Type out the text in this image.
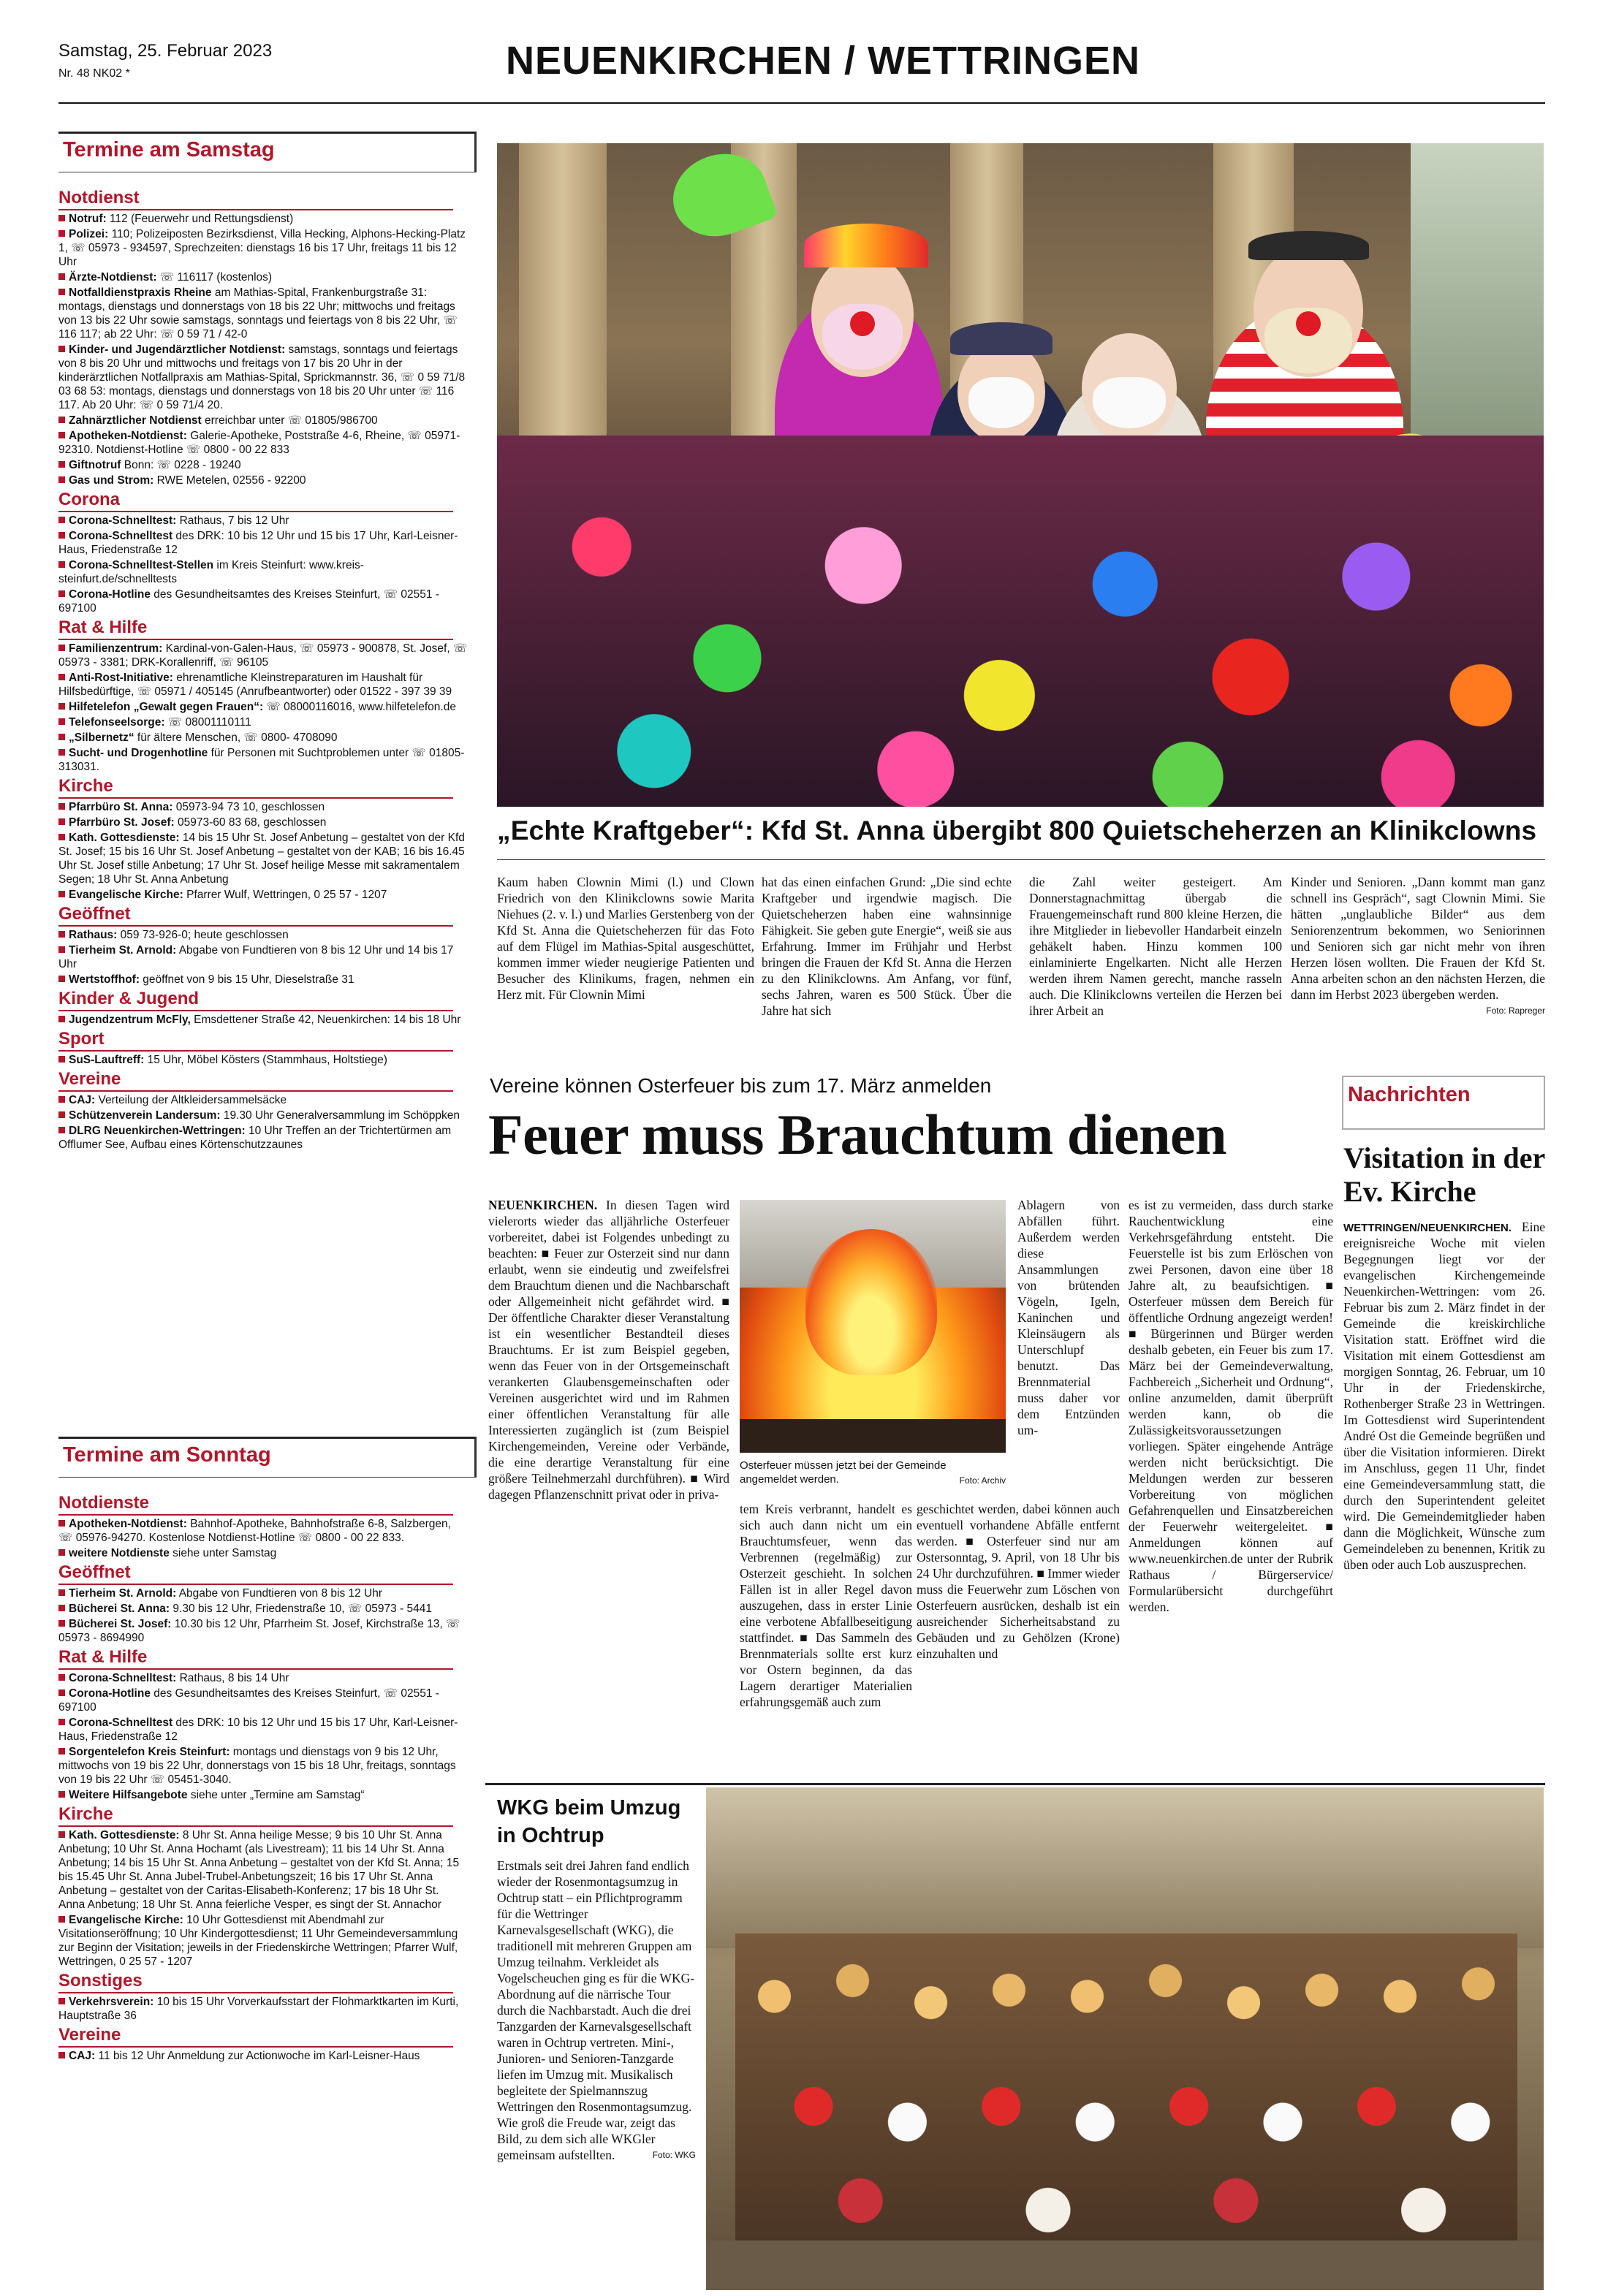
Samstag, 25. Februar 2023
Nr. 48 NK02 *	NEUENKIRCHEN / WETTRINGEN
Termine am Samstag
Notdienst
Notruf: 112 (Feuerwehr und Rettungsdienst)
Polizei: 110; Polizeiposten Bezirksdienst, Villa Hecking, Alphons-Hecking-Platz 1, ☏ 05973 - 934597, Sprechzeiten: dienstags 16 bis 17 Uhr, freitags 11 bis 12 Uhr
Ärzte-Notdienst: ☏ 116117 (kostenlos)
Notfalldienstpraxis Rheine am Mathias-Spital, Frankenburgstraße 31: montags, dienstags und donnerstags von 18 bis 22 Uhr; mittwochs und freitags von 13 bis 22 Uhr sowie samstags, sonntags und feiertags von 8 bis 22 Uhr, ☏ 116 117; ab 22 Uhr: ☏ 0 59 71 / 42-0
Kinder- und Jugendärztlicher Notdienst: samstags, sonntags und feiertags von 8 bis 20 Uhr und mittwochs und freitags von 17 bis 20 Uhr in der kinderärztlichen Notfallpraxis am Mathias-Spital, Sprickmannstr. 36, ☏ 0 59 71/8 03 68 53: montags, dienstags und donnerstags von 18 bis 20 Uhr unter ☏ 116 117. Ab 20 Uhr: ☏ 0 59 71/4 20.
Zahnärztlicher Notdienst erreichbar unter ☏ 01805/986700
Apotheken-Notdienst: Galerie-Apotheke, Poststraße 4-6, Rheine, ☏ 05971-92310. Notdienst-Hotline ☏ 0800 - 00 22 833
Giftnotruf Bonn: ☏ 0228 - 19240
Gas und Strom: RWE Metelen, 02556 - 92200
Corona
Corona-Schnelltest: Rathaus, 7 bis 12 Uhr
Corona-Schnelltest des DRK: 10 bis 12 Uhr und 15 bis 17 Uhr, Karl-Leisner-Haus, Friedenstraße 12
Corona-Schnelltest-Stellen im Kreis Steinfurt: www.kreis-steinfurt.de/schnelltests
Corona-Hotline des Gesundheitsamtes des Kreises Steinfurt, ☏ 02551 - 697100
Rat & Hilfe
Familienzentrum: Kardinal-von-Galen-Haus, ☏ 05973 - 900878, St. Josef, ☏ 05973 - 3381; DRK-Korallenriff, ☏ 96105
Anti-Rost-Initiative: ehrenamtliche Kleinstreparaturen im Haushalt für Hilfsbedürftige, ☏ 05971 / 405145 (Anrufbeantworter) oder 01522 - 397 39 39
Hilfetelefon „Gewalt gegen Frauen“: ☏ 08000116016, www.hilfetelefon.de
Telefonseelsorge: ☏ 08001110111
„Silbernetz“ für ältere Menschen, ☏ 0800- 4708090
Sucht- und Drogenhotline für Personen mit Suchtproblemen unter ☏ 01805-313031.
Kirche
Pfarrbüro St. Anna: 05973-94 73 10, geschlossen
Pfarrbüro St. Josef: 05973-60 83 68, geschlossen
Kath. Gottesdienste: 14 bis 15 Uhr St. Josef Anbetung – gestaltet von der Kfd St. Josef; 15 bis 16 Uhr St. Josef Anbetung – gestaltet von der KAB; 16 bis 16.45 Uhr St. Josef stille Anbetung; 17 Uhr St. Josef heilige Messe mit sakramentalem Segen; 18 Uhr St. Anna Anbetung
Evangelische Kirche: Pfarrer Wulf, Wettringen, 0 25 57 - 1207
Geöffnet
Rathaus: 059 73-926-0; heute geschlossen
Tierheim St. Arnold: Abgabe von Fundtieren von 8 bis 12 Uhr und 14 bis 17 Uhr
Wertstoffhof: geöffnet von 9 bis 15 Uhr, Dieselstraße 31
Kinder & Jugend
Jugendzentrum McFly, Emsdettener Straße 42, Neuenkirchen: 14 bis 18 Uhr
Sport
SuS-Lauftreff: 15 Uhr, Möbel Kösters (Stammhaus, Holtstiege)
Vereine
CAJ: Verteilung der Altkleidersammelsäcke
Schützenverein Landersum: 19.30 Uhr Generalversammlung im Schöppken
DLRG Neuenkirchen-Wettringen: 10 Uhr Treffen an der Trichtertürmen am Offlumer See, Aufbau eines Körtenschutzzaunes
Termine am Sonntag
Notdienste
Apotheken-Notdienst: Bahnhof-Apotheke, Bahnhofstraße 6-8, Salzbergen, ☏ 05976-94270. Kostenlose Notdienst-Hotline ☏ 0800 - 00 22 833.
weitere Notdienste siehe unter Samstag
Geöffnet
Tierheim St. Arnold: Abgabe von Fundtieren von 8 bis 12 Uhr
Bücherei St. Anna: 9.30 bis 12 Uhr, Friedenstraße 10, ☏ 05973 - 5441
Bücherei St. Josef: 10.30 bis 12 Uhr, Pfarrheim St. Josef, Kirchstraße 13, ☏ 05973 - 8694990
Rat & Hilfe
Corona-Schnelltest: Rathaus, 8 bis 14 Uhr
Corona-Hotline des Gesundheitsamtes des Kreises Steinfurt, ☏ 02551 - 697100
Corona-Schnelltest des DRK: 10 bis 12 Uhr und 15 bis 17 Uhr, Karl-Leisner-Haus, Friedenstraße 12
Sorgentelefon Kreis Steinfurt: montags und dienstags von 9 bis 12 Uhr, mittwochs von 19 bis 22 Uhr, donnerstags von 15 bis 18 Uhr, freitags, sonntags von 19 bis 22 Uhr ☏ 05451-3040.
Weitere Hilfsangebote siehe unter „Termine am Samstag“
Kirche
Kath. Gottesdienste: 8 Uhr St. Anna heilige Messe; 9 bis 10 Uhr St. Anna Anbetung; 10 Uhr St. Anna Hochamt (als Livestream); 11 bis 14 Uhr St. Anna Anbetung; 14 bis 15 Uhr St. Anna Anbetung – gestaltet von der Kfd St. Anna; 15 bis 15.45 Uhr St. Anna Jubel-Trubel-Anbetungszeit; 16 bis 17 Uhr St. Anna Anbetung – gestaltet von der Caritas-Elisabeth-Konferenz; 17 bis 18 Uhr St. Anna Anbetung; 18 Uhr St. Anna feierliche Vesper, es singt der St. Annachor
Evangelische Kirche: 10 Uhr Gottesdienst mit Abendmahl zur Visitationseröffnung; 10 Uhr Kindergottesdienst; 11 Uhr Gemeindeversammlung zur Beginn der Visitation; jeweils in der Friedenskirche Wettringen; Pfarrer Wulf, Wettringen, 0 25 57 - 1207
Sonstiges
Verkehrsverein: 10 bis 15 Uhr Vorverkaufsstart der Flohmarktkarten im Kurti, Hauptstraße 36
Vereine
CAJ: 11 bis 12 Uhr Anmeldung zur Actionwoche im Karl-Leisner-Haus
„Echte Kraftgeber“: Kfd St. Anna übergibt 800 Quietscheherzen an Klinikclowns
Kaum haben Clownin Mimi (l.) und Clown Friedrich von den Klinikclowns sowie Marita Niehues (2. v. l.) und Marlies Gerstenberg von der Kfd St. Anna die Quietscheherzen für das Foto auf dem Flügel im Mathias-Spital ausgeschüttet, kommen immer wieder neugierige Patienten und Besucher des Klinikums, fragen, nehmen ein Herz mit. Für Clownin Mimi
hat das einen einfachen Grund: „Die sind echte Kraftgeber und irgendwie magisch. Die Quietscheherzen haben eine wahnsinnige Fähigkeit. Sie geben gute Energie“, weiß sie aus Erfahrung. Immer im Frühjahr und Herbst bringen die Frauen der Kfd St. Anna die Herzen zu den Klinikclowns. Am Anfang, vor fünf, sechs Jahren, waren es 500 Stück. Über die Jahre hat sich
die Zahl weiter gesteigert. Am Donnerstagnachmittag übergab die Frauengemeinschaft rund 800 kleine Herzen, die ihre Mitglieder in liebevoller Handarbeit einzeln gehäkelt haben. Hinzu kommen 100 einlaminierte Engelkarten. Nicht alle Herzen werden ihrem Namen gerecht, manche rasseln auch. Die Klinikclowns verteilen die Herzen bei ihrer Arbeit an
Kinder und Senioren. „Dann kommt man ganz schnell ins Gespräch“, sagt Clownin Mimi. Sie hätten „unglaubliche Bilder“ aus dem Seniorenzentrum bekommen, wo Seniorinnen und Senioren sich gar nicht mehr von ihren Herzen lösen wollten. Die Frauen der Kfd St. Anna arbeiten schon an den nächsten Herzen, die dann im Herbst 2023 übergeben werden.
Foto: Rapreger
Vereine können Osterfeuer bis zum 17. März anmelden
Feuer muss Brauchtum dienen
NEUENKIRCHEN. In diesen Tagen wird vielerorts wieder das alljährliche Osterfeuer vorbereitet, dabei ist Folgendes unbedingt zu beachten: ■ Feuer zur Osterzeit sind nur dann erlaubt, wenn sie eindeutig und zweifelsfrei dem Brauchtum dienen und die Nachbarschaft oder Allgemeinheit nicht gefährdet wird. ■ Der öffentliche Charakter dieser Veranstaltung ist ein wesentlicher Bestandteil dieses Brauchtums. Er ist zum Beispiel gegeben, wenn das Feuer von in der Ortsgemeinschaft verankerten Glaubensgemeinschaften oder Vereinen ausgerichtet wird und im Rahmen einer öffentlichen Veranstaltung für alle Interessierten zugänglich ist (zum Beispiel Kirchengemeinden, Vereine oder Verbände, die eine derartige Veranstaltung für eine größere Teilnehmerzahl durchführen). ■ Wird dagegen Pflanzenschnitt privat oder in priva-
Osterfeuer müssen jetzt bei der Gemeinde angemeldet werden.	Foto: Archiv
tem Kreis verbrannt, handelt es sich auch dann nicht um ein Brauchtumsfeuer, wenn das Verbrennen (regelmäßig) zur Osterzeit geschieht. In solchen Fällen ist in aller Regel davon auszugehen, dass in erster Linie eine verbotene Abfallbeseitigung stattfindet. ■ Das Sammeln des Brennmaterials sollte erst kurz vor Ostern beginnen, da das Lagern derartiger Materialien erfahrungsgemäß auch zum
Ablagern von Abfällen führt. Außerdem werden diese Ansammlungen von brütenden Vögeln, Igeln, Kaninchen und Kleinsäugern als Unterschlupf benutzt. Das Brennmaterial muss daher vor dem Entzünden um-
geschichtet werden, dabei können auch eventuell vorhandene Abfälle entfernt werden. ■ Osterfeuer sind nur am Ostersonntag, 9. April, von 18 Uhr bis 24 Uhr durchzuführen. ■ Immer wieder muss die Feuerwehr zum Löschen von Osterfeuern ausrücken, deshalb ist ein ausreichender Sicherheitsabstand zu Gebäuden und zu Gehölzen (Krone) einzuhalten und
es ist zu vermeiden, dass durch starke Rauchentwicklung eine Verkehrsgefährdung entsteht. Die Feuerstelle ist bis zum Erlöschen von zwei Personen, davon eine über 18 Jahre alt, zu beaufsichtigen. ■ Osterfeuer müssen dem Bereich für öffentliche Ordnung angezeigt werden! ■ Bürgerinnen und Bürger werden deshalb gebeten, ein Feuer bis zum 17. März bei der Gemeindeverwaltung, Fachbereich „Sicherheit und Ordnung“, online anzumelden, damit überprüft werden kann, ob die Zulässigkeitsvoraussetzungen vorliegen. Später eingehende Anträge werden nicht berücksichtigt. Die Meldungen werden zur besseren Vorbereitung von möglichen Gefahrenquellen und Einsatzbereichen der Feuerwehr weitergeleitet. ■ Anmeldungen können auf www.neuenkirchen.de unter der Rubrik Rathaus / Bürgerservice/ Formularübersicht durchgeführt werden.
Nachrichten
Visitation in der Ev. Kirche
WETTRINGEN/NEUENKIRCHEN. Eine ereignisreiche Woche mit vielen Begegnungen liegt vor der evangelischen Kirchengemeinde Neuenkirchen-Wettringen: vom 26. Februar bis zum 2. März findet in der Gemeinde die kreiskirchliche Visitation statt. Eröffnet wird die Visitation mit einem Gottesdienst am morgigen Sonntag, 26. Februar, um 10 Uhr in der Friedenskirche, Rothenberger Straße 23 in Wettringen. Im Gottesdienst wird Superintendent André Ost die Gemeinde begrüßen und über die Visitation informieren. Direkt im Anschluss, gegen 11 Uhr, findet eine Gemeindeversammlung statt, die durch den Superintendent geleitet wird. Die Gemeindemitglieder haben dann die Möglichkeit, Wünsche zum Gemeindeleben zu benennen, Kritik zu üben oder auch Lob auszusprechen.
WKG beim Umzug in Ochtrup
Erstmals seit drei Jahren fand endlich wieder der Rosenmontagsumzug in Ochtrup statt – ein Pflichtprogramm für die Wettringer Karnevalsgesellschaft (WKG), die traditionell mit mehreren Gruppen am Umzug teilnahm. Verkleidet als Vogelscheuchen ging es für die WKG-Abordnung auf die närrische Tour durch die Nachbarstadt. Auch die drei Tanzgarden der Karnevalsgesellschaft waren in Ochtrup vertreten. Mini-, Junioren- und Senioren-Tanzgarde liefen im Umzug mit. Musikalisch begleitete der Spielmannszug Wettringen den Rosenmontagsumzug. Wie groß die Freude war, zeigt das Bild, zu dem sich alle WKGler gemeinsam aufstellten.	Foto: WKG
